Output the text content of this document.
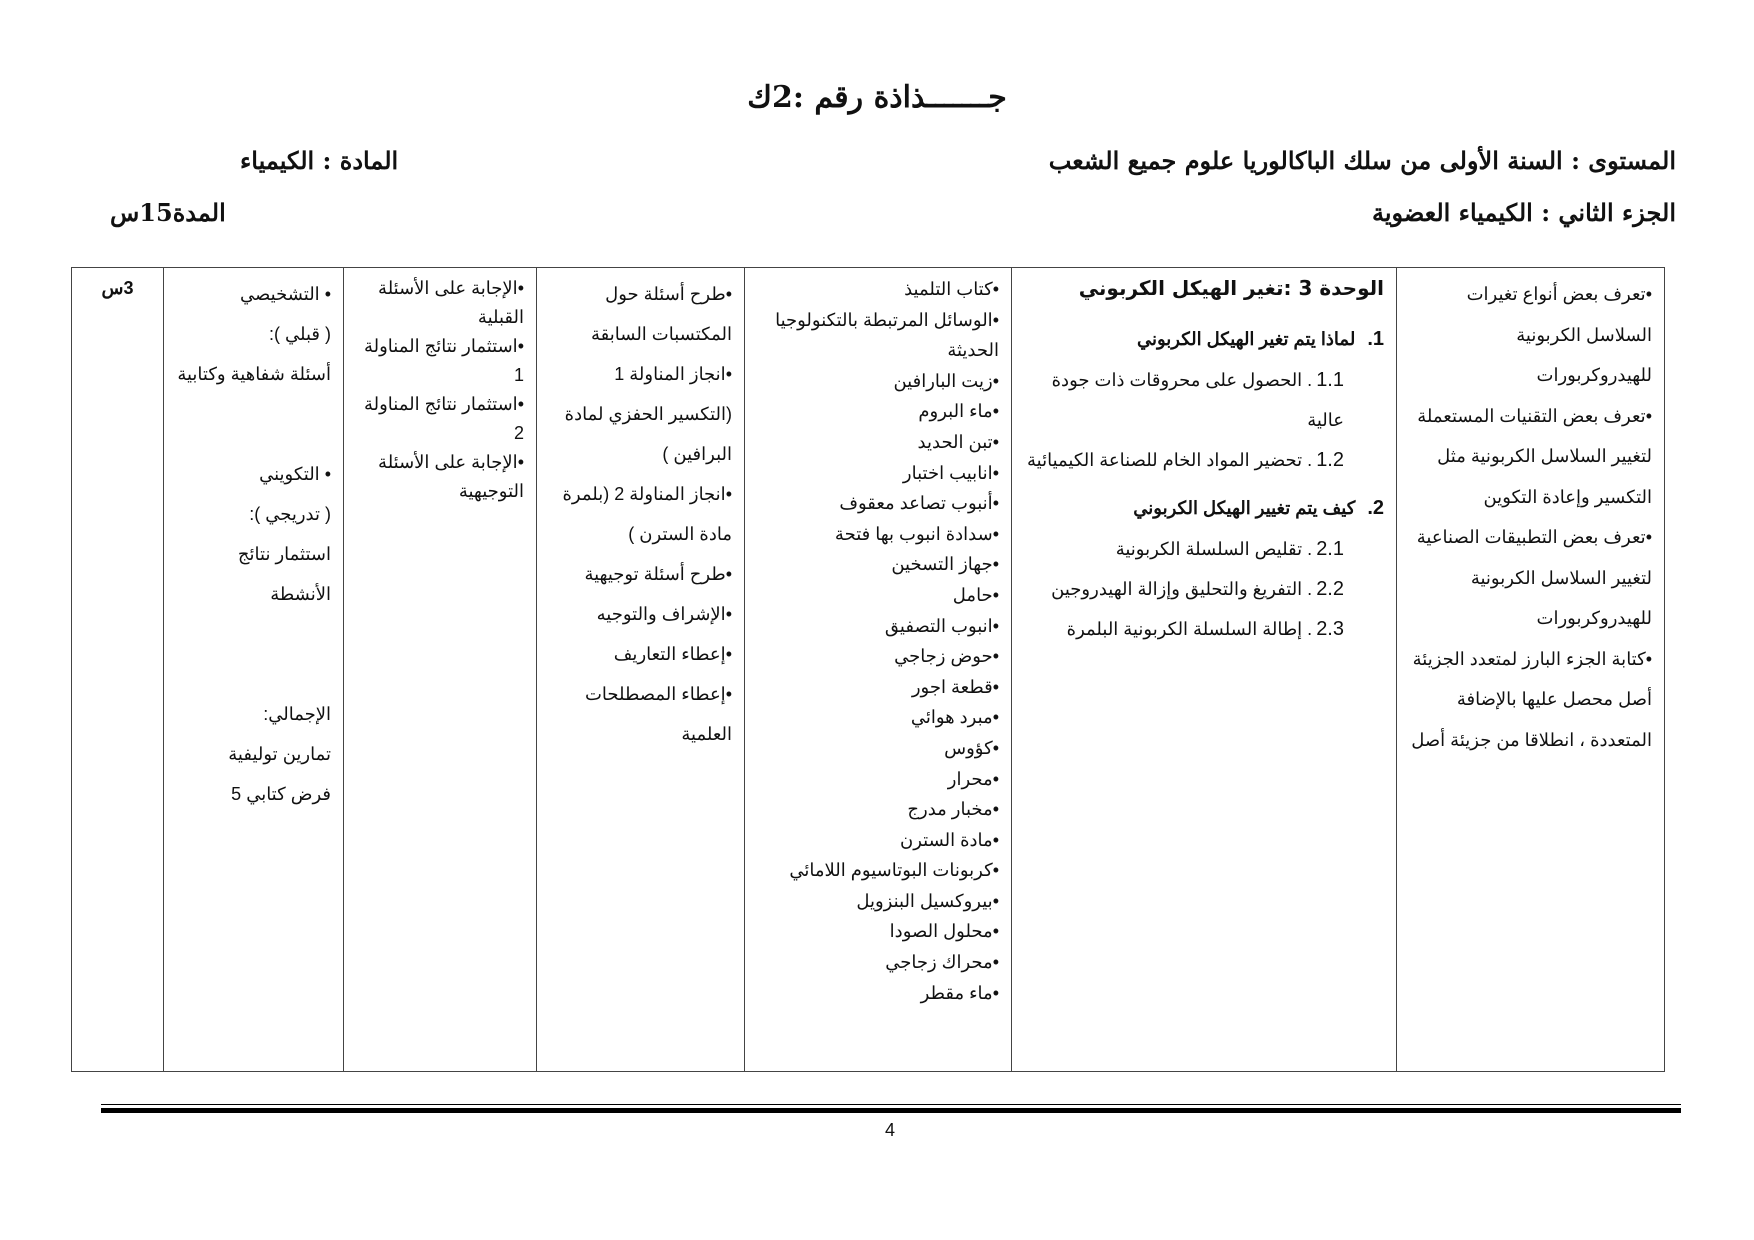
جـــــــذاذة رقم :2ك
المستوى : السنة الأولى من سلك الباكالوريا علوم جميع الشعب
المادة : الكيمياء
الجزء الثاني : الكيمياء العضوية
المدة15س
• تعرف بعض أنواع تغيرات السلاسل الكربونية للهيدروكربورات
• تعرف بعض التقنيات المستعملة لتغيير السلاسل الكربونية مثل التكسير وإعادة التكوين
• تعرف بعض التطبيقات الصناعية لتغيير السلاسل الكربونية للهيدروكربورات
• كتابة الجزء البارز لمتعدد الجزيئة أصل محصل عليها بالإضافة المتعددة ، انطلاقا من جزيئة أصل

الوحدة 3 :تغير الهيكل الكربوني
1.لماذا يتم تغير الهيكل الكربوني
1.1. الحصول على محروقات ذات جودة عالية
1.2. تحضير المواد الخام للصناعة الكيميائية
2.كيف يتم تغيير الهيكل الكربوني
2.1. تقليص السلسلة الكربونية
2.2. التفريغ والتحليق وإزالة الهيدروجين
2.3. إطالة السلسلة الكربونية البلمرة

• كتاب التلميذ
• الوسائل المرتبطة بالتكنولوجيا الحديثة
• زيت البارافين
• ماء البروم
• تبن الحديد
• انابيب اختبار
• أنبوب تصاعد معقوف
• سدادة انبوب بها فتحة
• جهاز التسخين
• حامل
• انبوب التصفيق
• حوض زجاجي
• قطعة اجور
• مبرد هوائي
• كؤوس
• محرار
• مخبار مدرج
• مادة السترن
• كربونات البوتاسيوم اللامائي
• بيروكسيل البنزويل
• محلول الصودا
• محراك زجاجي
• ماء مقطر

• طرح أسئلة حول المكتسبات السابقة
• انجاز المناولة 1 (التكسير الحفزي لمادة البرافين )
• انجاز المناولة 2 (بلمرة مادة السترن )
• طرح أسئلة توجيهية
• الإشراف والتوجيه
• إعطاء التعاريف
• إعطاء المصطلحات العلمية

• الإجابة على الأسئلة القبلية
• استثمار نتائج المناولة 1
• استثمار نتائج المناولة 2
• الإجابة على الأسئلة التوجيهية

• التشخيصي

( قبلي ):

أسئلة شفاهية وكتابية

• التكويني

( تدريجي ):

استثمار نتائج الأنشطة

الإجمالي:

تمارين توليفية

فرض كتابي 5

	3س
4
